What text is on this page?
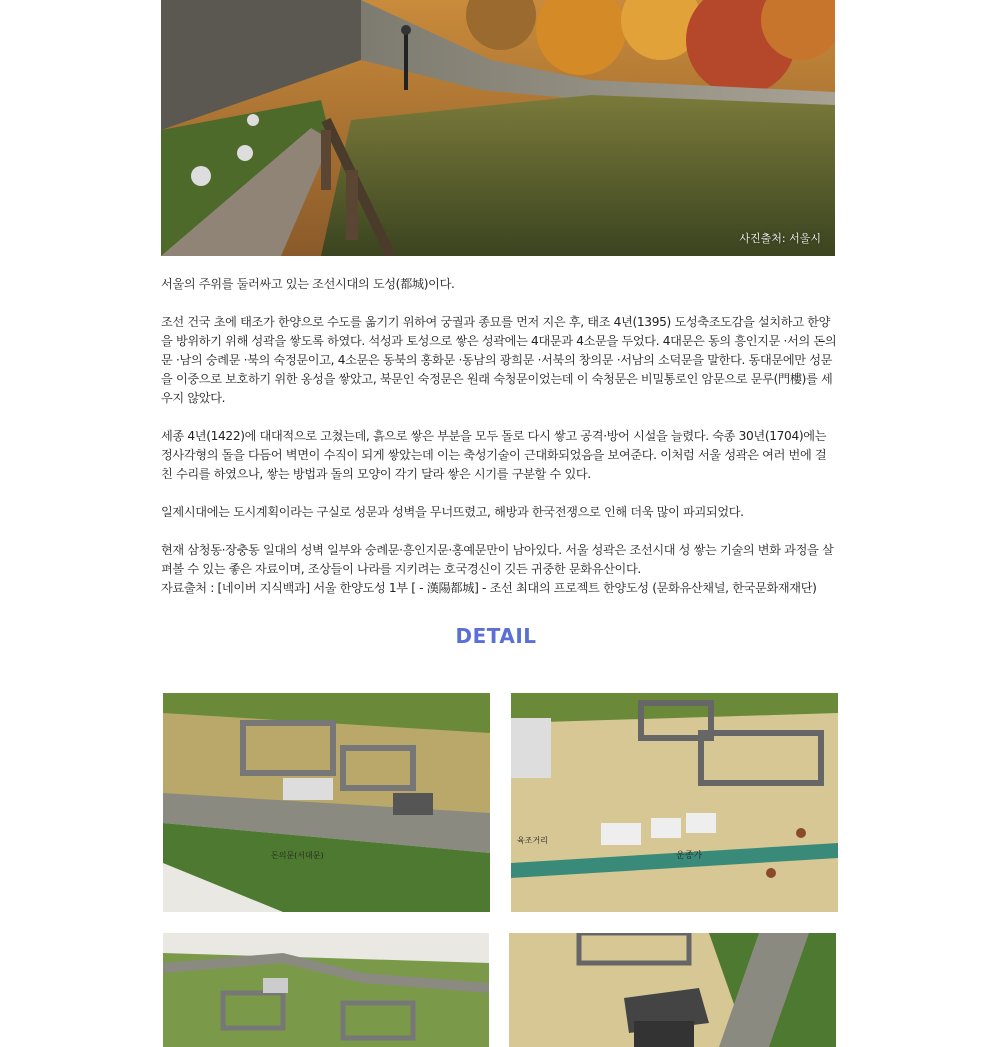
사진출처: 서울시

서울의 주위를 둘러싸고 있는 조선시대의 도성(都城)이다.

조선 건국 초에 태조가 한양으로 수도를 옮기기 위하여 궁궐과 종묘를 먼저 지은 후, 태조 4년(1395) 도성축조도감을 설치하고 한양을 방위하기 위해 성곽을 쌓도록 하였다. 석성과 토성으로 쌓은 성곽에는 4대문과 4소문을 두었다. 4대문은 동의 흥인지문 ·서의 돈의문 ·남의 숭례문 ·북의 숙정문이고, 4소문은 동북의 홍화문 ·동남의 광희문 ·서북의 창의문 ·서남의 소덕문을 말한다. 동대문에만 성문을 이중으로 보호하기 위한 옹성을 쌓았고, 북문인 숙정문은 원래 숙청문이었는데 이 숙청문은 비밀통로인 암문으로 문루(門樓)를 세우지 않았다.

세종 4년(1422)에 대대적으로 고쳤는데, 흙으로 쌓은 부분을 모두 돌로 다시 쌓고 공격·방어 시설을 늘렸다. 숙종 30년(1704)에는 정사각형의 돌을 다듬어 벽면이 수직이 되게 쌓았는데 이는 축성기술이 근대화되었음을 보여준다. 이처럼 서울 성곽은 여러 번에 걸친 수리를 하였으나, 쌓는 방법과 돌의 모양이 각기 달라 쌓은 시기를 구분할 수 있다.

일제시대에는 도시계획이라는 구실로 성문과 성벽을 무너뜨렸고, 해방과 한국전쟁으로 인해 더욱 많이 파괴되었다.

현재 삼청동·장충동 일대의 성벽 일부와 숭례문·흥인지문·홍예문만이 남아있다. 서울 성곽은 조선시대 성 쌓는 기술의 변화 과정을 살펴볼 수 있는 좋은 자료이며, 조상들이 나라를 지키려는 호국경신이 깃든 귀중한 문화유산이다.

자료출처 : [네이버 지식백과] 서울 한양도성 1부 [ - 漢陽都城] - 조선 최대의 프로젝트 한양도성 (문화유산채널, 한국문화재재단)

DETAIL
돈의문(서대문)	운종가
육조거리
